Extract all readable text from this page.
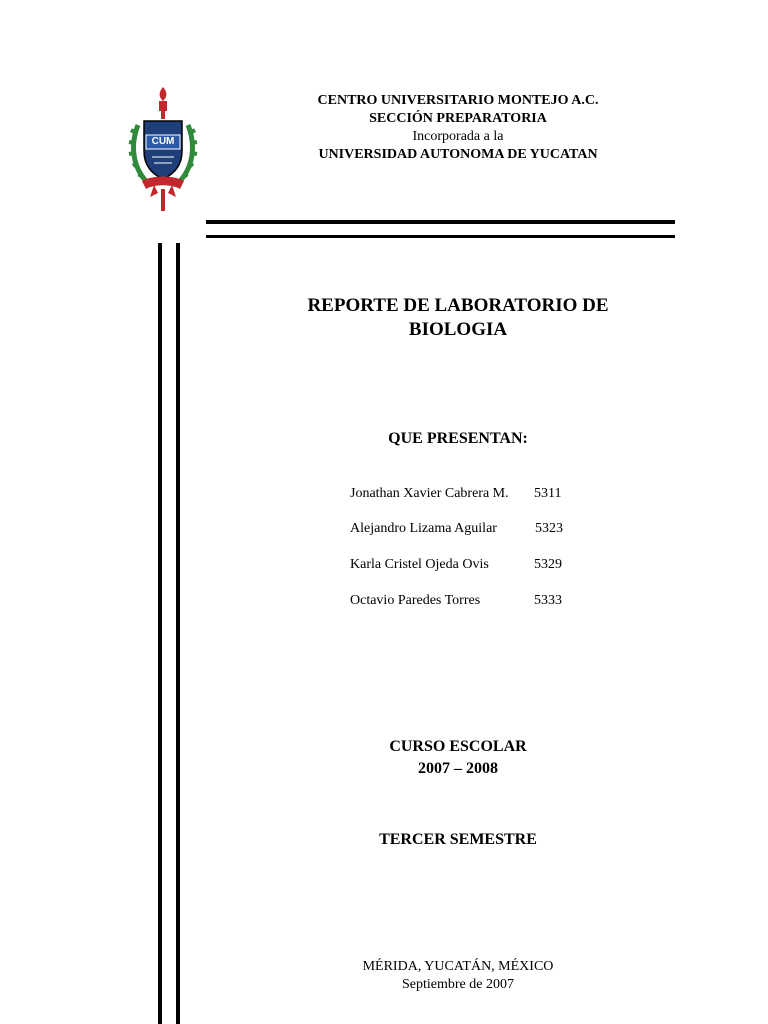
CUM
CENTRO UNIVERSITARIO MONTEJO A.C.
SECCIÓN PREPARATORIA
Incorporada a la
UNIVERSIDAD AUTONOMA DE YUCATAN
REPORTE DE LABORATORIO DE
BIOLOGIA
QUE PRESENTAN:
Jonathan Xavier Cabrera M. 5311
Alejandro Lizama Aguilar	5323
Karla Cristel Ojeda Ovis	5329
Octavio Paredes Torres	5333
CURSO ESCOLAR
2007 – 2008
TERCER SEMESTRE
MÉRIDA, YUCATÁN, MÉXICO
Septiembre de 2007
